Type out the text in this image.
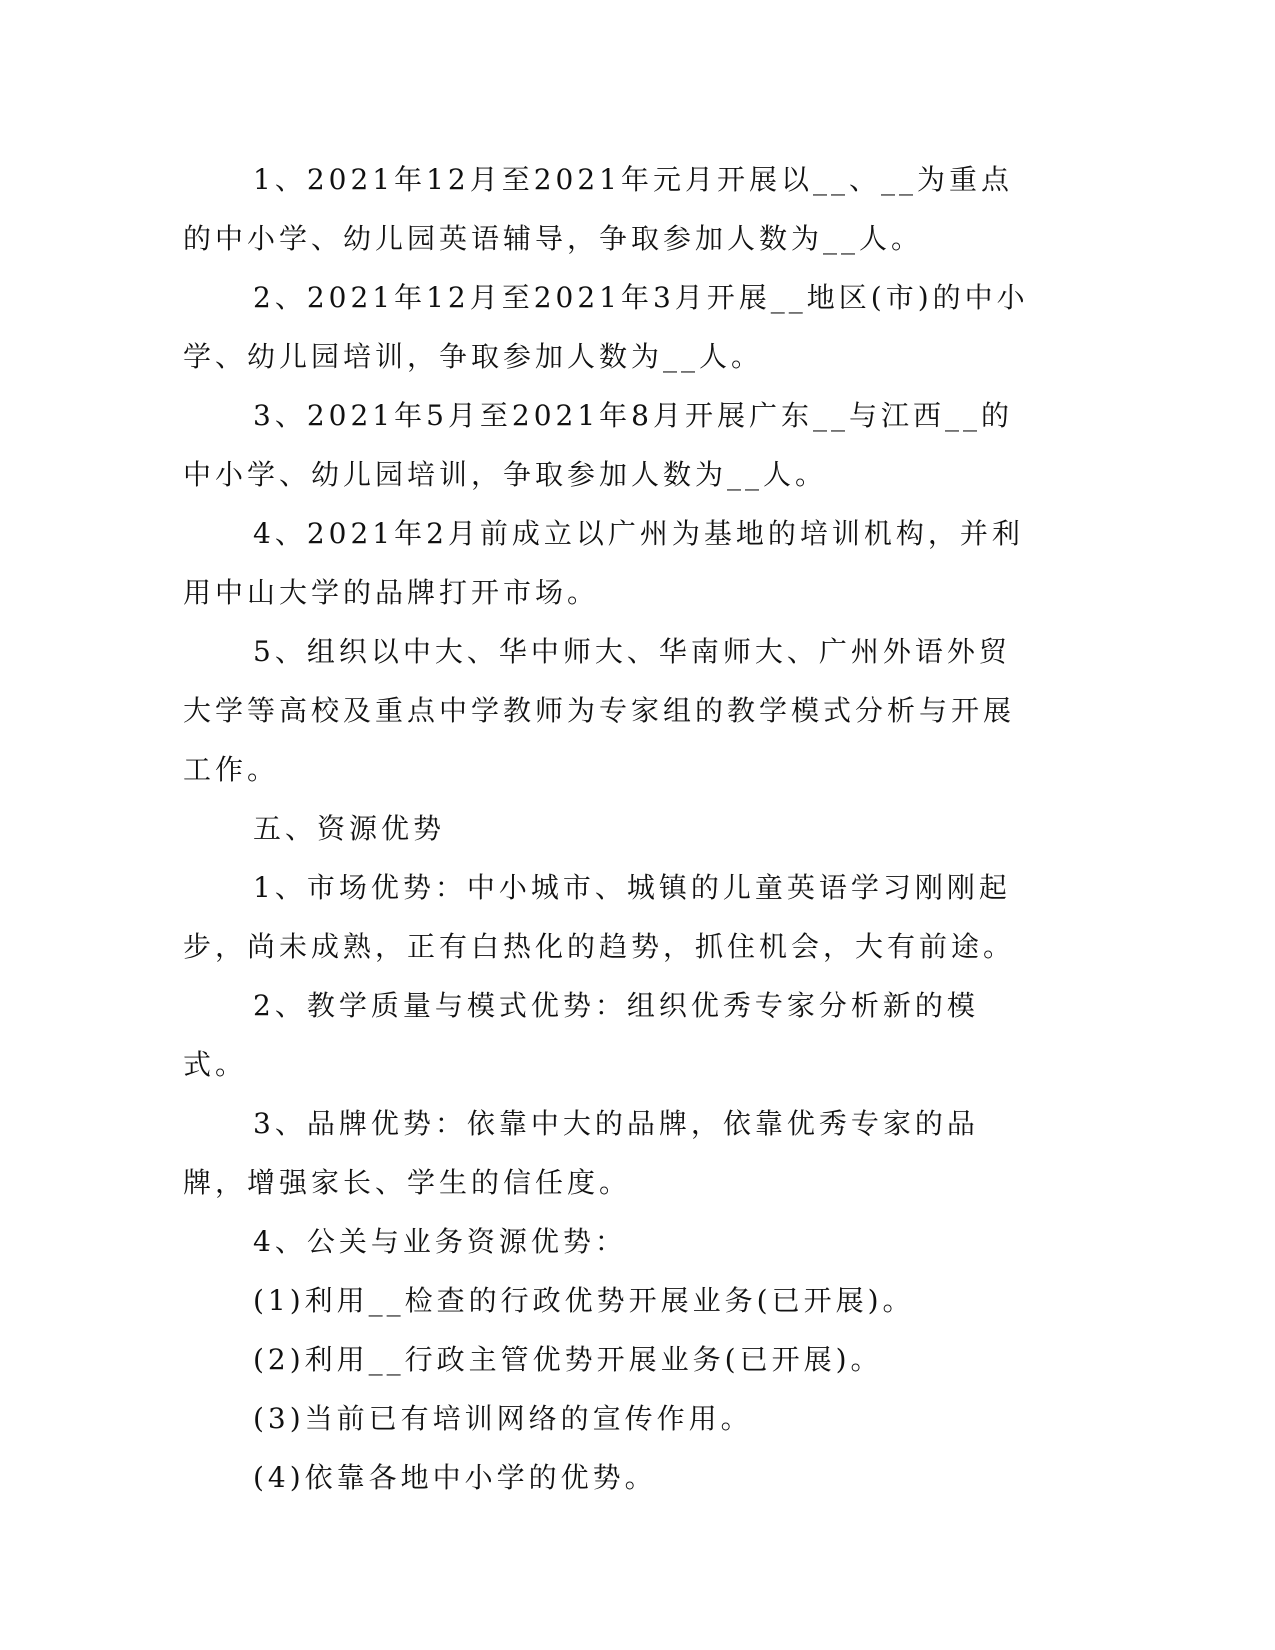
1、2021年12月至2021年元月开展以__、__为重点的中小学、幼儿园英语辅导，争取参加人数为__人。

2、2021年12月至2021年3月开展__地区(市)的中小学、幼儿园培训，争取参加人数为__人。

3、2021年5月至2021年8月开展广东__与江西__的中小学、幼儿园培训，争取参加人数为__人。

4、2021年2月前成立以广州为基地的培训机构，并利用中山大学的品牌打开市场。

5、组织以中大、华中师大、华南师大、广州外语外贸大学等高校及重点中学教师为专家组的教学模式分析与开展工作。

五、资源优势

1、市场优势：中小城市、城镇的儿童英语学习刚刚起步，尚未成熟，正有白热化的趋势，抓住机会，大有前途。

2、教学质量与模式优势：组织优秀专家分析新的模式。

3、品牌优势：依靠中大的品牌，依靠优秀专家的品牌，增强家长、学生的信任度。

4、公关与业务资源优势：

(1)利用__检查的行政优势开展业务(已开展)。

(2)利用__行政主管优势开展业务(已开展)。

(3)当前已有培训网络的宣传作用。

(4)依靠各地中小学的优势。
